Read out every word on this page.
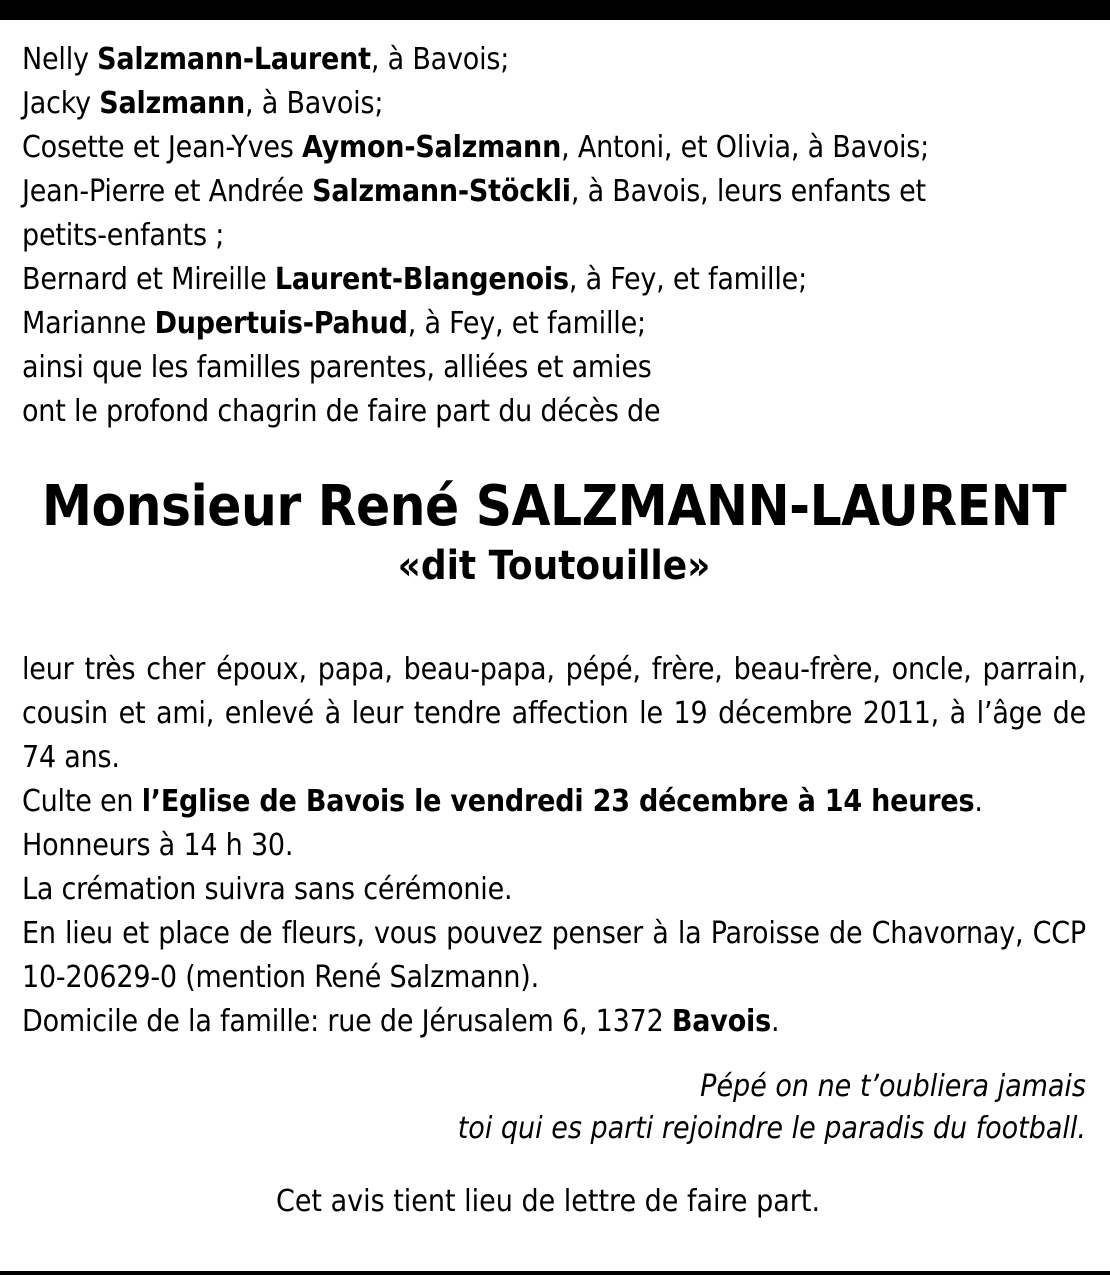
Nelly Salzmann-Laurent, à Bavois;
Jacky Salzmann, à Bavois;
Cosette et Jean-Yves Aymon-Salzmann, Antoni, et Olivia, à Bavois;
Jean-Pierre et Andrée Salzmann-Stöckli, à Bavois, leurs enfants et
petits-enfants ;
Bernard et Mireille Laurent-Blangenois, à Fey, et famille;
Marianne Dupertuis-Pahud, à Fey, et famille;
ainsi que les familles parentes, alliées et amies
ont le profond chagrin de faire part du décès de
Monsieur René SALZMANN-LAURENT
«dit Toutouille»
leur très cher époux, papa, beau-papa, pépé, frère, beau-frère, oncle, parrain, cousin et ami, enlevé à leur tendre affection le 19 décembre 2011, à l’âge de 74 ans.
Culte en l’Eglise de Bavois le vendredi 23 décembre à 14 heures.
Honneurs à 14 h 30.
La crémation suivra sans cérémonie.
En lieu et place de fleurs, vous pouvez penser à la Paroisse de Chavornay, CCP 10-20629-0 (mention René Salzmann).
Domicile de la famille: rue de Jérusalem 6, 1372 Bavois.
Pépé on ne t’oubliera jamais
toi qui es parti rejoindre le paradis du football.
Cet avis tient lieu de lettre de faire part.
